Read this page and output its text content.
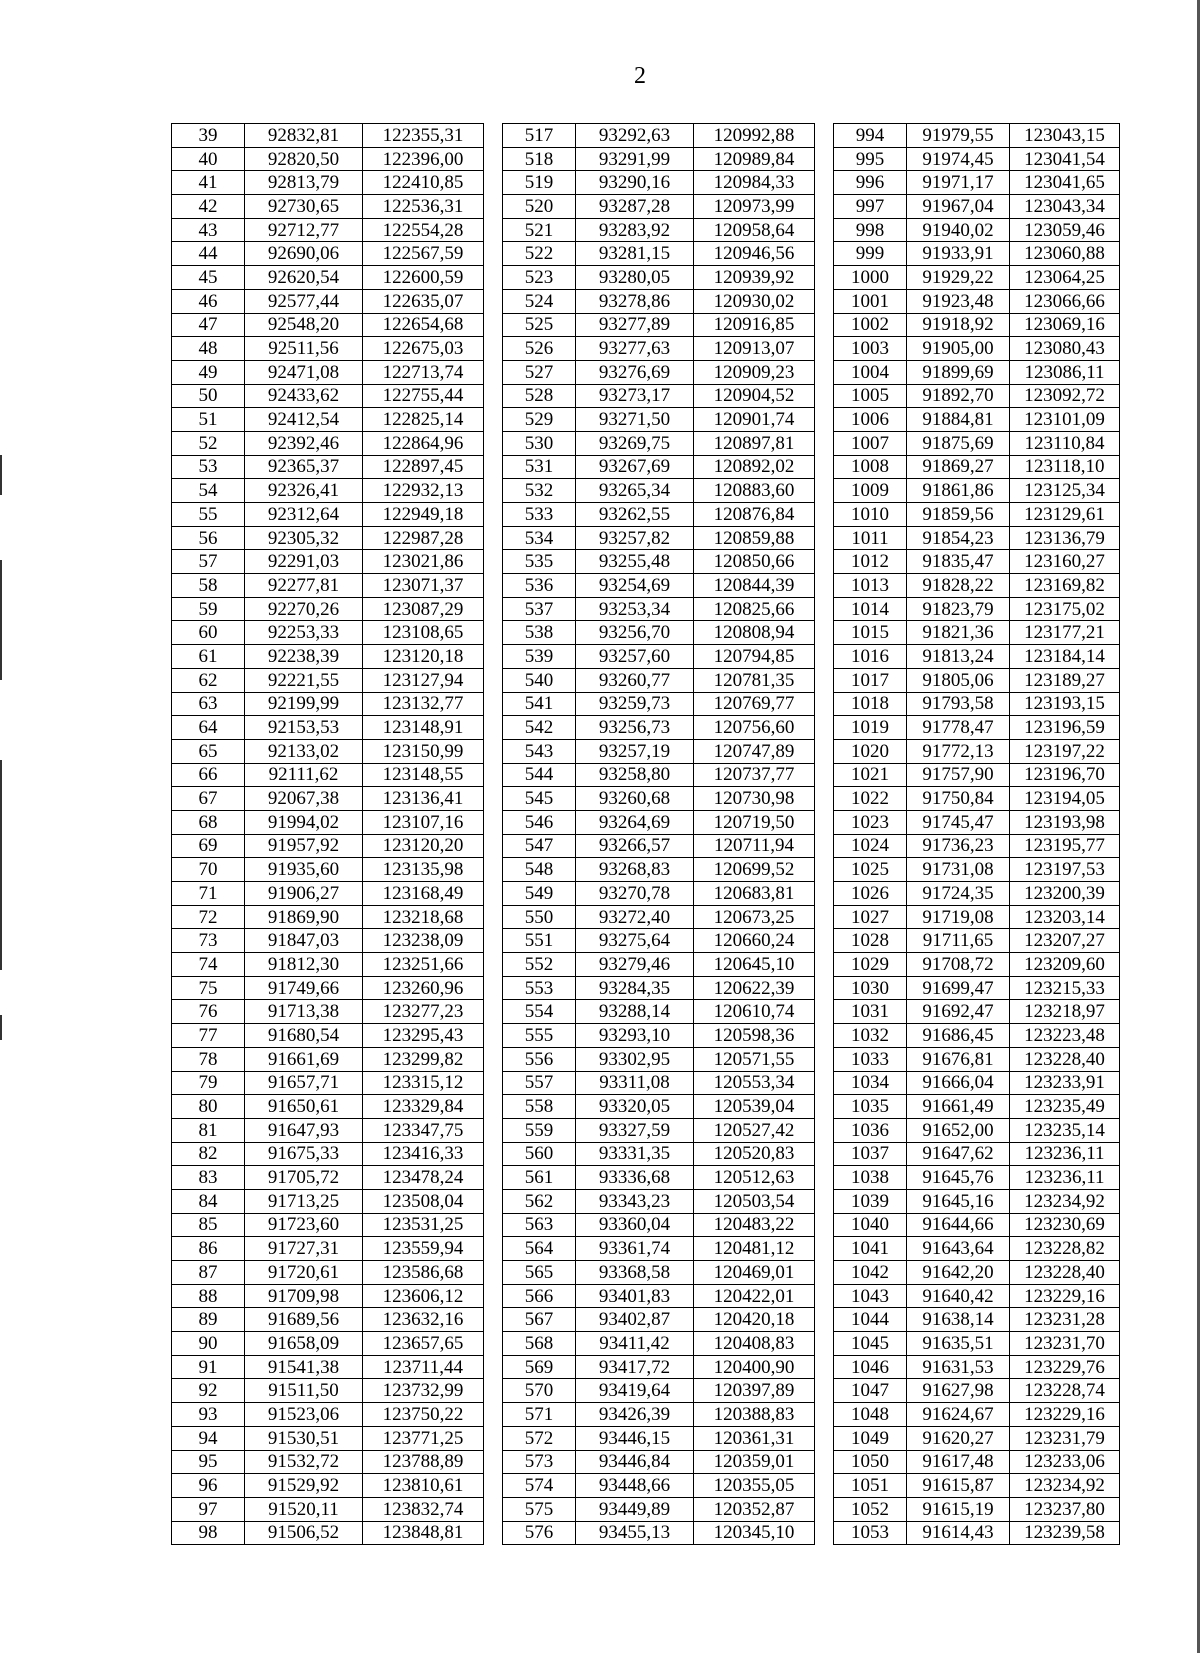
2
39	92832,81	122355,31
40	92820,50	122396,00
41	92813,79	122410,85
42	92730,65	122536,31
43	92712,77	122554,28
44	92690,06	122567,59
45	92620,54	122600,59
46	92577,44	122635,07
47	92548,20	122654,68
48	92511,56	122675,03
49	92471,08	122713,74
50	92433,62	122755,44
51	92412,54	122825,14
52	92392,46	122864,96
53	92365,37	122897,45
54	92326,41	122932,13
55	92312,64	122949,18
56	92305,32	122987,28
57	92291,03	123021,86
58	92277,81	123071,37
59	92270,26	123087,29
60	92253,33	123108,65
61	92238,39	123120,18
62	92221,55	123127,94
63	92199,99	123132,77
64	92153,53	123148,91
65	92133,02	123150,99
66	92111,62	123148,55
67	92067,38	123136,41
68	91994,02	123107,16
69	91957,92	123120,20
70	91935,60	123135,98
71	91906,27	123168,49
72	91869,90	123218,68
73	91847,03	123238,09
74	91812,30	123251,66
75	91749,66	123260,96
76	91713,38	123277,23
77	91680,54	123295,43
78	91661,69	123299,82
79	91657,71	123315,12
80	91650,61	123329,84
81	91647,93	123347,75
82	91675,33	123416,33
83	91705,72	123478,24
84	91713,25	123508,04
85	91723,60	123531,25
86	91727,31	123559,94
87	91720,61	123586,68
88	91709,98	123606,12
89	91689,56	123632,16
90	91658,09	123657,65
91	91541,38	123711,44
92	91511,50	123732,99
93	91523,06	123750,22
94	91530,51	123771,25
95	91532,72	123788,89
96	91529,92	123810,61
97	91520,11	123832,74
98	91506,52	123848,81
517	93292,63	120992,88
518	93291,99	120989,84
519	93290,16	120984,33
520	93287,28	120973,99
521	93283,92	120958,64
522	93281,15	120946,56
523	93280,05	120939,92
524	93278,86	120930,02
525	93277,89	120916,85
526	93277,63	120913,07
527	93276,69	120909,23
528	93273,17	120904,52
529	93271,50	120901,74
530	93269,75	120897,81
531	93267,69	120892,02
532	93265,34	120883,60
533	93262,55	120876,84
534	93257,82	120859,88
535	93255,48	120850,66
536	93254,69	120844,39
537	93253,34	120825,66
538	93256,70	120808,94
539	93257,60	120794,85
540	93260,77	120781,35
541	93259,73	120769,77
542	93256,73	120756,60
543	93257,19	120747,89
544	93258,80	120737,77
545	93260,68	120730,98
546	93264,69	120719,50
547	93266,57	120711,94
548	93268,83	120699,52
549	93270,78	120683,81
550	93272,40	120673,25
551	93275,64	120660,24
552	93279,46	120645,10
553	93284,35	120622,39
554	93288,14	120610,74
555	93293,10	120598,36
556	93302,95	120571,55
557	93311,08	120553,34
558	93320,05	120539,04
559	93327,59	120527,42
560	93331,35	120520,83
561	93336,68	120512,63
562	93343,23	120503,54
563	93360,04	120483,22
564	93361,74	120481,12
565	93368,58	120469,01
566	93401,83	120422,01
567	93402,87	120420,18
568	93411,42	120408,83
569	93417,72	120400,90
570	93419,64	120397,89
571	93426,39	120388,83
572	93446,15	120361,31
573	93446,84	120359,01
574	93448,66	120355,05
575	93449,89	120352,87
576	93455,13	120345,10
994	91979,55	123043,15
995	91974,45	123041,54
996	91971,17	123041,65
997	91967,04	123043,34
998	91940,02	123059,46
999	91933,91	123060,88
1000	91929,22	123064,25
1001	91923,48	123066,66
1002	91918,92	123069,16
1003	91905,00	123080,43
1004	91899,69	123086,11
1005	91892,70	123092,72
1006	91884,81	123101,09
1007	91875,69	123110,84
1008	91869,27	123118,10
1009	91861,86	123125,34
1010	91859,56	123129,61
1011	91854,23	123136,79
1012	91835,47	123160,27
1013	91828,22	123169,82
1014	91823,79	123175,02
1015	91821,36	123177,21
1016	91813,24	123184,14
1017	91805,06	123189,27
1018	91793,58	123193,15
1019	91778,47	123196,59
1020	91772,13	123197,22
1021	91757,90	123196,70
1022	91750,84	123194,05
1023	91745,47	123193,98
1024	91736,23	123195,77
1025	91731,08	123197,53
1026	91724,35	123200,39
1027	91719,08	123203,14
1028	91711,65	123207,27
1029	91708,72	123209,60
1030	91699,47	123215,33
1031	91692,47	123218,97
1032	91686,45	123223,48
1033	91676,81	123228,40
1034	91666,04	123233,91
1035	91661,49	123235,49
1036	91652,00	123235,14
1037	91647,62	123236,11
1038	91645,76	123236,11
1039	91645,16	123234,92
1040	91644,66	123230,69
1041	91643,64	123228,82
1042	91642,20	123228,40
1043	91640,42	123229,16
1044	91638,14	123231,28
1045	91635,51	123231,70
1046	91631,53	123229,76
1047	91627,98	123228,74
1048	91624,67	123229,16
1049	91620,27	123231,79
1050	91617,48	123233,06
1051	91615,87	123234,92
1052	91615,19	123237,80
1053	91614,43	123239,58
